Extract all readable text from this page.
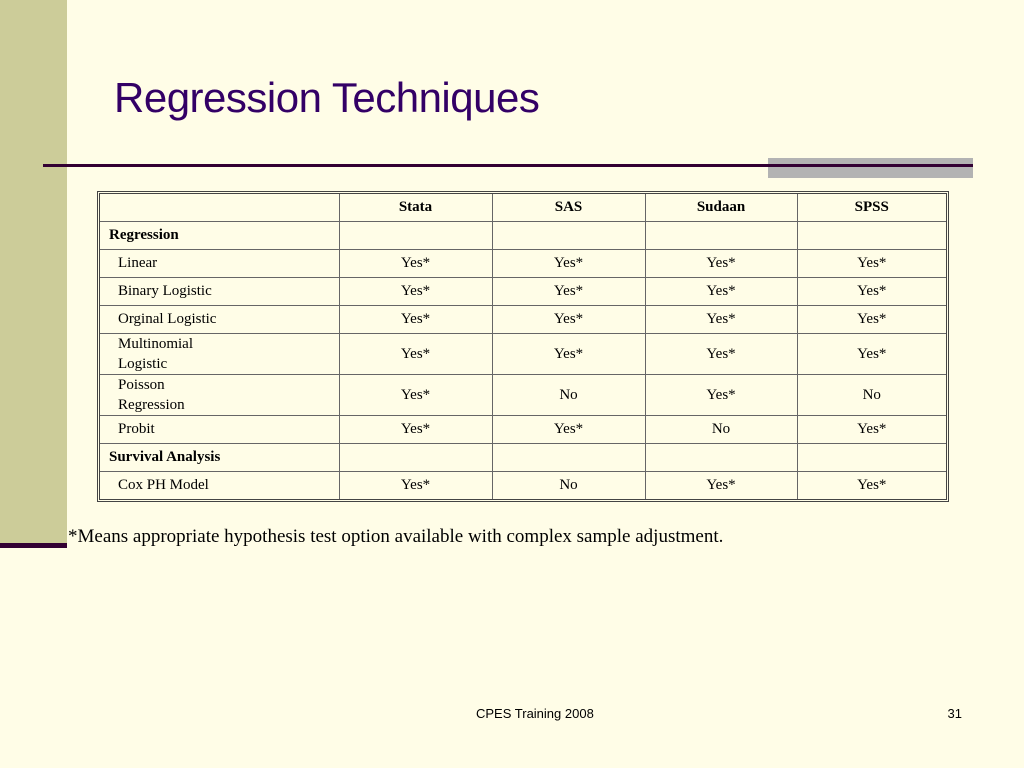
Regression Techniques
	Stata	SAS	Sudaan	SPSS
Regression				
Linear	Yes*	Yes*	Yes*	Yes*
Binary Logistic	Yes*	Yes*	Yes*	Yes*
Orginal Logistic	Yes*	Yes*	Yes*	Yes*

Multinomial
Logistic	Yes*	Yes*	Yes*	Yes*

Poisson
Regression	Yes*	No	Yes*	No
Probit	Yes*	Yes*	No	Yes*
Survival Analysis				
Cox PH Model	Yes*	No	Yes*	Yes*
*Means appropriate hypothesis test option available with complex sample adjustment.
CPES Training 2008	31
